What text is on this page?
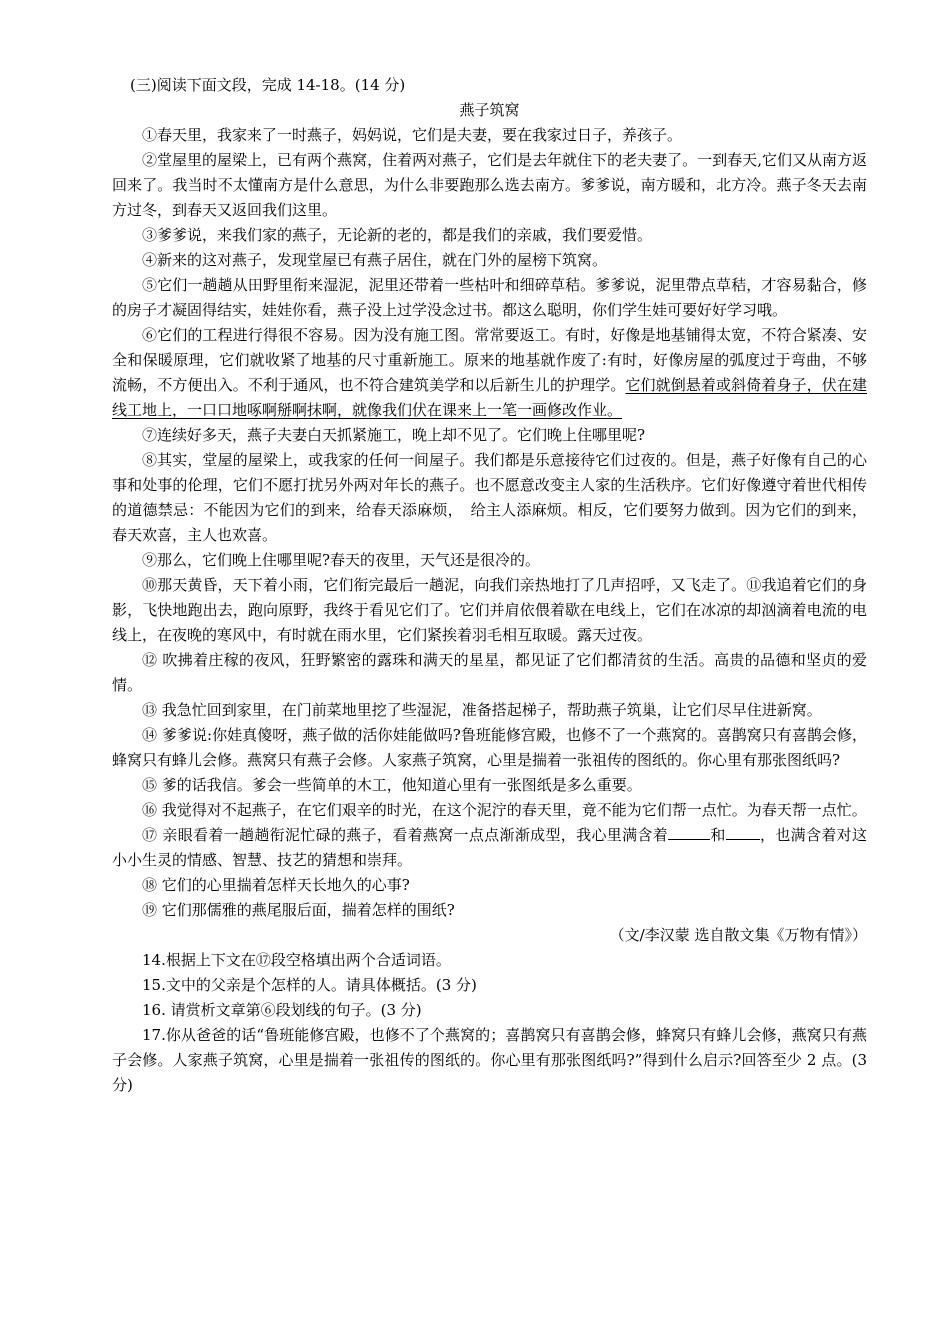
(三)阅读下面文段，完成 14-18。(14 分)

燕子筑窝

①春天里，我家来了一时燕子，妈妈说，它们是夫妻，要在我家过日子，养孩子。

②堂屋里的屋梁上，已有两个燕窝，住着两对燕子，它们是去年就住下的老夫妻了。一到春天,它们又从南方返回来了。我当时不太懂南方是什么意思，为什么非要跑那么选去南方。爹爹说，南方暖和，北方冷。燕子冬天去南方过冬，到春天又返回我们这里。

③爹爹说，来我们家的燕子，无论新的老的，都是我们的亲戚，我们要爱惜。

④新来的这对燕子，发现堂屋已有燕子居住，就在门外的屋榜下筑窝。

⑤它们一趟趟从田野里衔来湿泥，泥里还带着一些枯叶和细碎草秸。爹爹说，泥里帶点草秸，才容易黏合，修的房子才凝固得结实，娃娃你看，燕子没上过学没念过书。都这么聪明，你们学生娃可要好好学习哦。

⑥它们的工程进行得很不容易。因为没有施工图。常常要返工。有时，好像是地基铺得太宽，不符合紧凑、安全和保暖原理，它们就收紧了地基的尺寸重新施工。原来的地基就作废了:有时，好像房屋的弧度过于弯曲，不够流畅，不方便出入。不利于通风，也不符合建筑美学和以后新生儿的护理学。它们就倒悬着或斜倚着身子，伏在建线工地上，一口口地啄啊掰啊抹啊，就像我们伏在课来上一笔一画修改作业。

⑦连续好多天，燕子夫妻白天抓紧施工，晚上却不见了。它们晚上住哪里呢?

⑧其实，堂屋的屋梁上，或我家的任何一间屋子。我们都是乐意接待它们过夜的。但是，燕子好像有自己的心事和处事的伦理，它们不愿打扰另外两对年长的燕子。也不愿意改变主人家的生活秩序。它们好像遵守着世代相传的道德禁忌：不能因为它们的到来，给春天添麻烦，　给主人添麻烦。相反，它们要努力做到。因为它们的到来，春天欢喜，主人也欢喜。

⑨那么，它们晚上住哪里呢?春天的夜里，天气还是很冷的。

⑩那天黄昏，天下着小雨，它们衔完最后一趟泥，向我们亲热地打了几声招呼，又飞走了。⑪我追着它们的身影，飞快地跑出去，跑向原野，我终于看见它们了。它们并肩依偎着歇在电线上，它们在冰凉的却汹滴着电流的电线上，在夜晚的寒风中，有时就在雨水里，它们紧挨着羽毛相互取暖。露天过夜。

⑫ 吹拂着庄稼的夜风，狂野繁密的露珠和满天的星星，都见证了它们都清贫的生活。高贵的品德和坚贞的爱情。

⑬ 我急忙回到家里，在门前菜地里挖了些湿泥，准备搭起梯子，帮助燕子筑巢，让它们尽早住进新窝。

⑭ 爹爹说:你娃真傻呀，燕子做的活你娃能做吗?鲁班能修宫殿，也修不了一个燕窝的。喜鹊窝只有喜鹊会修，蜂窝只有蜂儿会修。燕窝只有燕子会修。人家燕子筑窝，心里是揣着一张祖传的图纸的。你心里有那张图纸吗?

⑮ 爹的话我信。爹会一些简单的木工，他知道心里有一张图纸是多么重要。

⑯ 我觉得对不起燕子，在它们艰辛的时光，在这个泥泞的春天里，竟不能为它们帮一点忙。为春天帮一点忙。

⑰ 亲眼看着一趟趟衔泥忙碌的燕子，看着燕窝一点点渐渐成型，我心里满含着	和 ，也满含着对这小小生灵的情感、智慧、技艺的猜想和崇拜。

⑱ 它们的心里揣着怎样天长地久的心事?

⑲ 它们那儒雅的燕尾服后面，揣着怎样的围纸?

（文/李汉蒙 选自散文集《万物有情》）

14.根据上下文在⑰段空格填出两个合适词语。

15.文中的父亲是个怎样的人。请具体概括。(3 分)

16. 请赏析文章第⑥段划线的句子。(3 分)

17.你从爸爸的话“鲁班能修宫殿，也修不了个燕窝的；喜鹊窝只有喜鹊会修，蜂窝只有蜂儿会修，燕窝只有燕子会修。人家燕子筑窝，心里是揣着一张祖传的图纸的。你心里有那张图纸吗?”得到什么启示?回答至少 2 点。(3 分)
